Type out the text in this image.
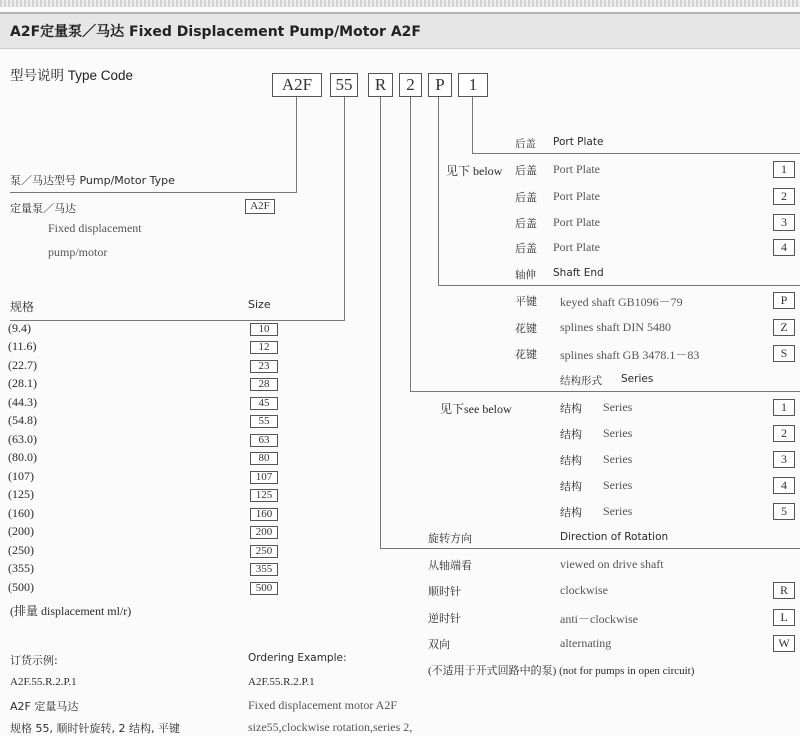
A2F定量泵／马达 Fixed Displacement Pump/Motor A2F
型号说明 Type Code	A2F	55	R	2	P	1
泵／马达型号 Pump/Motor Type
定量泵／马达	A2F
Fixed displacement
pump/motor
规格	Size
(9.4)	10
(11.6)	12
(22.7)	23
(28.1)	28
(44.3)	45
(54.8)	55
(63.0)	63
(80.0)	80
(107)	107
(125)	125
(160)	160
(200)	200
(250)	250
(355)	355
(500)	500
(排量 displacement ml/r)
后盖 Port Plate
见下 below 后盖 Port Plate	1
后盖 Port Plate	2
后盖 Port Plate	3
后盖 Port Plate	4
轴伸 Shaft End
平键 keyed shaft GB1096－79	P
花键 splines shaft DIN 5480	Z
花键 splines shaft GB 3478.1－83	S
结构形式 Series
见下see below	结构 Series	1
结构 Series	2
结构 Series	3
结构 Series	4
结构 Series	5
旋转方向	Direction of Rotation
从轴端看	viewed on drive shaft
顺时针	clockwise	R
逆时针	anti－clockwise	L
双向	alternating	W
(不适用于开式回路中的泵) (not for pumps in open circuit)
订货示例:	Ordering Example:
A2F.55.R.2.P.1	A2F.55.R.2.P.1
A2F 定量马达	Fixed displacement motor A2F
规格 55, 顺时针旋转, 2 结构, 平键	size55,clockwise rotation,series 2,
